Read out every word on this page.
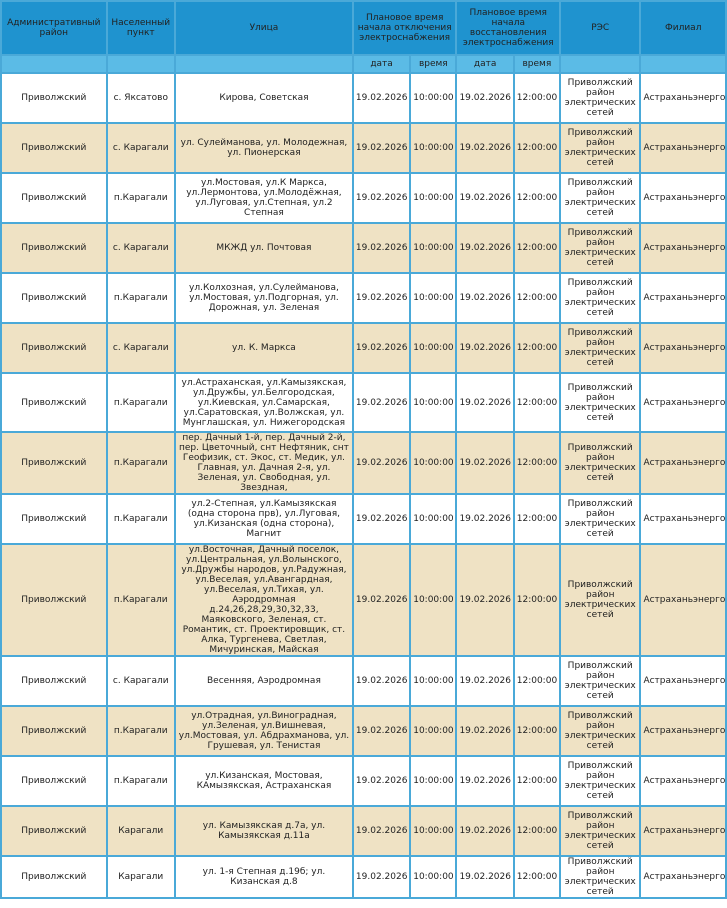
Административный район	Населенный пункт	Улица	Плановое время начала отключения электроснабжения		Плановое время начала восстановления электроснабжения		РЭС	Филиал
			дата	время	дата	время		
Приволжский	с. Яксатово	Кирова, Советская	19.02.2026	10:00:00	19.02.2026	12:00:00	Приволжский район электрических сетей	Астраханьэнерго
Приволжский	с. Карагали	ул. Сулейманова, ул. Молодежная, ул. Пионерская	19.02.2026	10:00:00	19.02.2026	12:00:00	Приволжский район электрических сетей	Астраханьэнерго
Приволжский	п.Карагали	ул.Мостовая, ул.К Маркса, ул.Лермонтова, ул.Молодёжная, ул.Луговая, ул.Степная, ул.2 Степная	19.02.2026	10:00:00	19.02.2026	12:00:00	Приволжский район электрических сетей	Астраханьэнерго
Приволжский	с. Карагали	МКЖД ул. Почтовая	19.02.2026	10:00:00	19.02.2026	12:00:00	Приволжский район электрических сетей	Астраханьэнерго
Приволжский	п.Карагали	ул.Колхозная, ул.Сулейманова, ул.Мостовая, ул.Подгорная, ул. Дорожная, ул. Зеленая	19.02.2026	10:00:00	19.02.2026	12:00:00	Приволжский район электрических сетей	Астраханьэнерго
Приволжский	с. Карагали	ул. К. Маркса	19.02.2026	10:00:00	19.02.2026	12:00:00	Приволжский район электрических сетей	Астраханьэнерго
Приволжский	п.Карагали	ул.Астраханская, ул.Камызякская, ул.Дружбы, ул.Белгородская, ул.Киевская, ул.Самарская, ул.Саратовская, ул.Волжская, ул. Мунглашская, ул. Нижегородская	19.02.2026	10:00:00	19.02.2026	12:00:00	Приволжский район электрических сетей	Астраханьэнерго
Приволжский	п.Карагали	пер. Дачный 1-й, пер. Дачный 2-й, пер. Цветочный, снт Нефтяник, снт Геофизик, ст. Экос, ст. Медик, ул. Главная, ул. Дачная 2-я, ул. Зеленая, ул. Свободная, ул. Звездная,	19.02.2026	10:00:00	19.02.2026	12:00:00	Приволжский район электрических сетей	Астраханьэнерго
Приволжский	п.Карагали	ул.2-Степная, ул.Камызякская (одна сторона прв), ул.Луговая, ул.Кизанская (одна сторона), Магнит	19.02.2026	10:00:00	19.02.2026	12:00:00	Приволжский район электрических сетей	Астраханьэнерго
Приволжский	п.Карагали	ул.Восточная, Дачный поселок, ул.Центральная, ул.Волынского, ул.Дружбы народов, ул.Радужная, ул.Веселая, ул.Авангардная, ул.Веселая, ул.Тихая, ул. Аэродромная д.24,26,28,29,30,32,33, Маяковского, Зеленая, ст. Романтик, ст. Проектировщик, ст. Алка, Тургенева, Светлая, Мичуринская, Майская	19.02.2026	10:00:00	19.02.2026	12:00:00	Приволжский район электрических сетей	Астраханьэнерго
Приволжский	с. Карагали	Весенняя, Аэродромная	19.02.2026	10:00:00	19.02.2026	12:00:00	Приволжский район электрических сетей	Астраханьэнерго
Приволжский	п.Карагали	ул.Отрадная, ул.Виноградная, ул.Зеленая, ул.Вишневая, ул.Мостовая, ул. Абдрахманова, ул. Грушевая, ул. Тенистая	19.02.2026	10:00:00	19.02.2026	12:00:00	Приволжский район электрических сетей	Астраханьэнерго
Приволжский	п.Карагали	ул.Кизанская, Мостовая, КАмызякская, Астраханская	19.02.2026	10:00:00	19.02.2026	12:00:00	Приволжский район электрических сетей	Астраханьэнерго
Приволжский	Карагали	ул. Камызякская д.7а, ул. Камызякская д.11а	19.02.2026	10:00:00	19.02.2026	12:00:00	Приволжский район электрических сетей	Астраханьэнерго
Приволжский	Карагали	ул. 1-я Степная д.19б; ул. Кизанская д.8	19.02.2026	10:00:00	19.02.2026	12:00:00	Приволжский район электрических сетей	Астраханьэнерго
